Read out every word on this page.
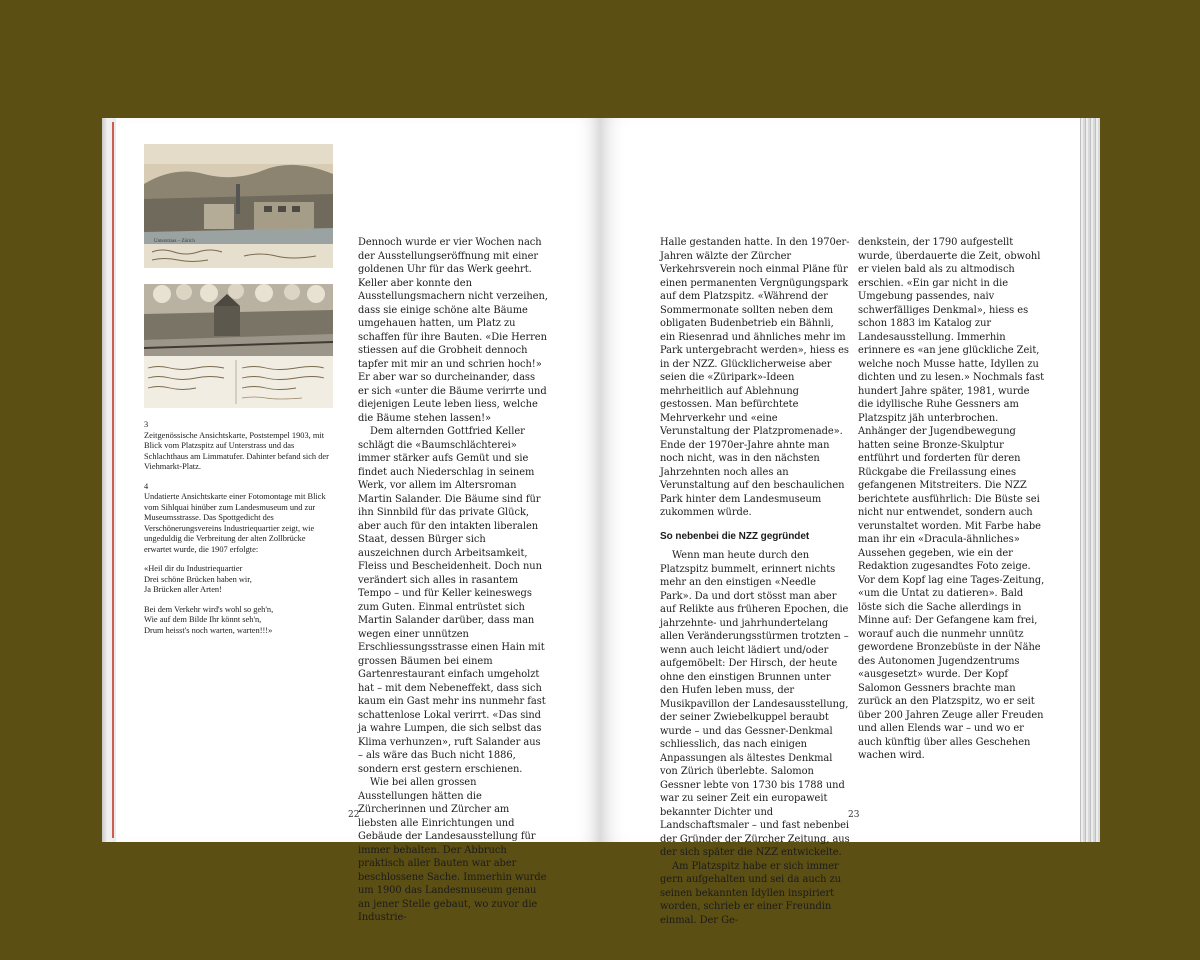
Unterstrass – Zürich

3

Zeitgenössische Ansichtskarte, Poststempel 1903, mit Blick vom Platzspitz auf Unterstrass und das Schlachthaus am Limmatufer. Dahinter befand sich der Viehmarkt-Platz.

4

Undatierte Ansichtskarte einer Fotomontage mit Blick vom Sihlquai hinüber zum Landesmuseum und zur Museumsstrasse. Das Spottgedicht des Verschönerungsvereins Industriequartier zeigt, wie ungeduldig die Verbreitung der alten Zollbrücke erwartet wurde, die 1907 erfolgte:

«Heil dir du Industriequartier

Drei schöne Brücken haben wir,

Ja Brücken aller Arten!

Bei dem Verkehr wird's wohl so geh'n,

Wie auf dem Bilde Ihr könnt seh'n,

Drum heisst's noch warten, warten!!!»

Dennoch wurde er vier Wochen nach der Ausstellungseröffnung mit einer goldenen Uhr für das Werk geehrt. Keller aber konnte den Ausstellungsmachern nicht verzeihen, dass sie einige schöne alte Bäume umgehauen hatten, um Platz zu schaffen für ihre Bauten. «Die Herren stiessen auf die Grobheit dennoch tapfer mit mir an und schrien hoch!» Er aber war so durcheinander, dass er sich «unter die Bäume verirrte und diejenigen Leute leben liess, welche die Bäume stehen lassen!»

Dem alternden Gottfried Keller schlägt die «Baumschlächterei» immer stärker aufs Gemüt und sie findet auch Niederschlag in seinem Werk, vor allem im Altersroman Martin Salander. Die Bäume sind für ihn Sinnbild für das private Glück, aber auch für den intakten liberalen Staat, dessen Bürger sich auszeichnen durch Arbeitsamkeit, Fleiss und Bescheidenheit. Doch nun verändert sich alles in rasantem Tempo – und für Keller keineswegs zum Guten. Einmal entrüstet sich Martin Salander darüber, dass man wegen einer unnützen Erschliessungsstrasse einen Hain mit grossen Bäumen bei einem Gartenrestaurant einfach umgeholzt hat – mit dem Nebeneffekt, dass sich kaum ein Gast mehr ins nunmehr fast schattenlose Lokal verirrt. «Das sind ja wahre Lumpen, die sich selbst das Klima verhunzen», ruft Salander aus – als wäre das Buch nicht 1886, sondern erst gestern erschienen.

Wie bei allen grossen Ausstellungen hätten die Zürcherinnen und Zürcher am liebsten alle Einrichtungen und Gebäude der Landesausstellung für immer behalten. Der Abbruch praktisch aller Bauten war aber beschlossene Sache. Immerhin wurde um 1900 das Landesmuseum genau an jener Stelle gebaut, wo zuvor die Industrie-

22

Halle gestanden hatte. In den 1970er-Jahren wälzte der Zürcher Verkehrsverein noch einmal Pläne für einen permanenten Vergnügungspark auf dem Platzspitz. «Während der Sommermonate sollten neben dem obligaten Budenbetrieb ein Bähnli, ein Riesenrad und ähnliches mehr im Park untergebracht werden», hiess es in der NZZ. Glücklicherweise aber seien die «Züripark»-Ideen mehrheitlich auf Ablehnung gestossen. Man befürchtete Mehrverkehr und «eine Verunstaltung der Platzpromenade». Ende der 1970er-Jahre ahnte man noch nicht, was in den nächsten Jahrzehnten noch alles an Verunstaltung auf den beschaulichen Park hinter dem Landesmuseum zukommen würde.

So nebenbei die NZZ gegründet

Wenn man heute durch den Platzspitz bummelt, erinnert nichts mehr an den einstigen «Needle Park». Da und dort stösst man aber auf Relikte aus früheren Epochen, die jahrzehnte- und jahrhundertelang allen Veränderungsstürmen trotzten – wenn auch leicht lädiert und/oder aufgemöbelt: Der Hirsch, der heute ohne den einstigen Brunnen unter den Hufen leben muss, der Musikpavillon der Landesausstellung, der seiner Zwiebelkuppel beraubt wurde – und das Gessner-Denkmal schliesslich, das nach einigen Anpassungen als ältestes Denkmal von Zürich überlebte. Salomon Gessner lebte von 1730 bis 1788 und war zu seiner Zeit ein europaweit bekannter Dichter und Landschaftsmaler – und fast nebenbei der Gründer der Zürcher Zeitung, aus der sich später die NZZ entwickelte.

Am Platzspitz habe er sich immer gern aufgehalten und sei da auch zu seinen bekannten Idyllen inspiriert worden, schrieb er einer Freundin einmal. Der Ge-

denkstein, der 1790 aufgestellt wurde, überdauerte die Zeit, obwohl er vielen bald als zu altmodisch erschien. «Ein gar nicht in die Umgebung passendes, naiv schwerfälliges Denkmal», hiess es schon 1883 im Katalog zur Landesausstellung. Immerhin erinnere es «an jene glückliche Zeit, welche noch Musse hatte, Idyllen zu dichten und zu lesen.» Nochmals fast hundert Jahre später, 1981, wurde die idyllische Ruhe Gessners am Platzspitz jäh unterbrochen. Anhänger der Jugendbewegung hatten seine Bronze-Skulptur entführt und forderten für deren Rückgabe die Freilassung eines gefangenen Mitstreiters. Die NZZ berichtete ausführlich: Die Büste sei nicht nur entwendet, sondern auch verunstaltet worden. Mit Farbe habe man ihr ein «Dracula-ähnliches» Aussehen gegeben, wie ein der Redaktion zugesandtes Foto zeige. Vor dem Kopf lag eine Tages-Zeitung, «um die Untat zu datieren». Bald löste sich die Sache allerdings in Minne auf: Der Gefangene kam frei, worauf auch die nunmehr unnütz gewordene Bronzebüste in der Nähe des Autonomen Jugendzentrums «ausgesetzt» wurde. Der Kopf Salomon Gessners brachte man zurück an den Platzspitz, wo er seit über 200 Jahren Zeuge aller Freuden und allen Elends war – und wo er auch künftig über alles Geschehen wachen wird.

23
